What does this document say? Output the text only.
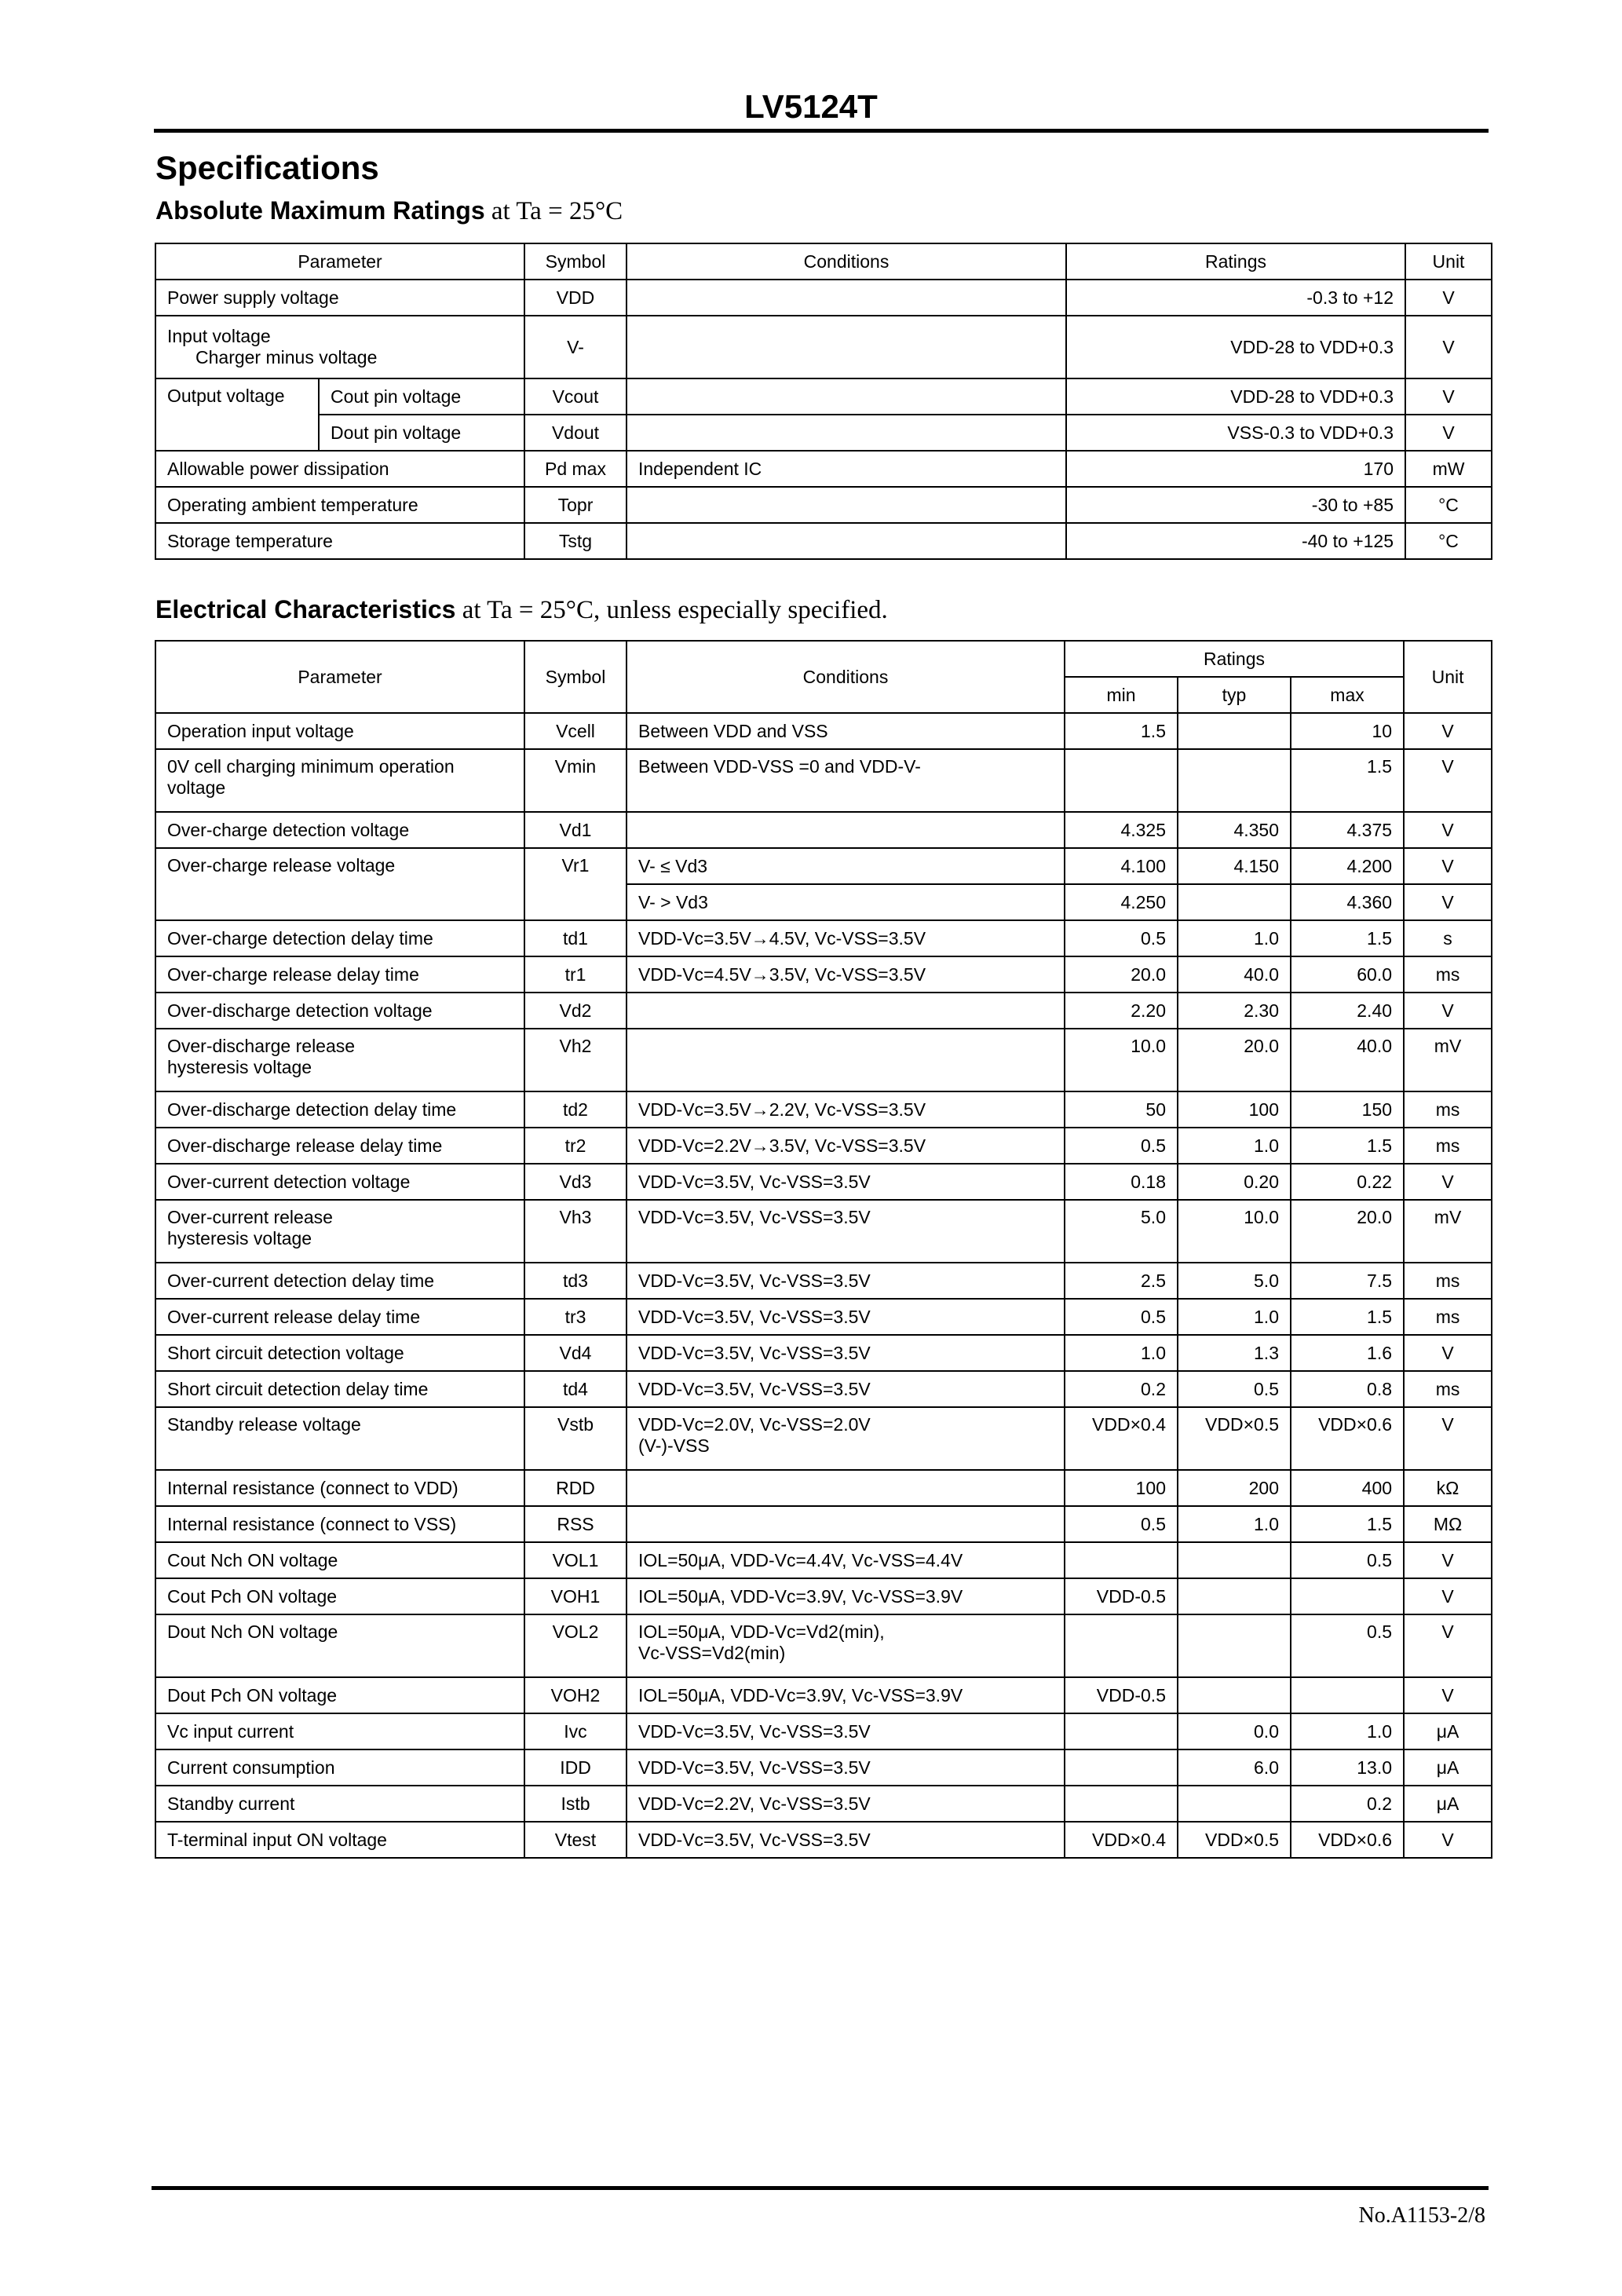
LV5124T
Specifications
Absolute Maximum Ratings at Ta = 25°C
Parameter		Symbol	Conditions	Ratings	Unit
Power supply voltage		VDD		-0.3 to +12	V

Input voltage
Charger minus voltage		V-		VDD-28 to VDD+0.3	V
Output voltage	Cout pin voltage	Vcout		VDD-28 to VDD+0.3	V
	Dout pin voltage	Vdout		VSS-0.3 to VDD+0.3	V
Allowable power dissipation		Pd max	Independent IC	170	mW
Operating ambient temperature		Topr		-30 to +85	°C
Storage temperature		Tstg		-40 to +125	°C
Electrical Characteristics at Ta = 25°C, unless especially specified.
Parameter	Symbol	Conditions	Ratings			Unit
			min	typ	max	
Operation input voltage	Vcell	Between VDD and VSS	1.5		10	V

0V cell charging minimum operation
voltage	Vmin	Between VDD-VSS =0 and VDD-V-			1.5	V
Over-charge detection voltage	Vd1		4.325	4.350	4.375	V
Over-charge release voltage	Vr1	V- ≤ Vd3	4.100	4.150	4.200	V
		V- > Vd3	4.250		4.360	V
Over-charge detection delay time	td1	VDD-Vc=3.5V→4.5V, Vc-VSS=3.5V	0.5	1.0	1.5	s
Over-charge release delay time	tr1	VDD-Vc=4.5V→3.5V, Vc-VSS=3.5V	20.0	40.0	60.0	ms
Over-discharge detection voltage	Vd2		2.20	2.30	2.40	V

Over-discharge release
hysteresis voltage	Vh2		10.0	20.0	40.0	mV
Over-discharge detection delay time	td2	VDD-Vc=3.5V→2.2V, Vc-VSS=3.5V	50	100	150	ms
Over-discharge release delay time	tr2	VDD-Vc=2.2V→3.5V, Vc-VSS=3.5V	0.5	1.0	1.5	ms
Over-current detection voltage	Vd3	VDD-Vc=3.5V, Vc-VSS=3.5V	0.18	0.20	0.22	V

Over-current release
hysteresis voltage	Vh3	VDD-Vc=3.5V, Vc-VSS=3.5V	5.0	10.0	20.0	mV
Over-current detection delay time	td3	VDD-Vc=3.5V, Vc-VSS=3.5V	2.5	5.0	7.5	ms
Over-current release delay time	tr3	VDD-Vc=3.5V, Vc-VSS=3.5V	0.5	1.0	1.5	ms
Short circuit detection voltage	Vd4	VDD-Vc=3.5V, Vc-VSS=3.5V	1.0	1.3	1.6	V
Short circuit detection delay time	td4	VDD-Vc=3.5V, Vc-VSS=3.5V	0.2	0.5	0.8	ms
Standby release voltage	Vstb	VDD-Vc=2.0V, Vc-VSS=2.0V
(V-)-VSS	VDD×0.4	VDD×0.5	VDD×0.6	V
Internal resistance (connect to VDD)	RDD		100	200	400	kΩ
Internal resistance (connect to VSS)	RSS		0.5	1.0	1.5	MΩ
Cout Nch ON voltage	VOL1	IOL=50μA, VDD-Vc=4.4V, Vc-VSS=4.4V			0.5	V
Cout Pch ON voltage	VOH1	IOL=50μA, VDD-Vc=3.9V, Vc-VSS=3.9V	VDD-0.5			V
Dout Nch ON voltage	VOL2	IOL=50μA, VDD-Vc=Vd2(min),
Vc-VSS=Vd2(min)			0.5	V
Dout Pch ON voltage	VOH2	IOL=50μA, VDD-Vc=3.9V, Vc-VSS=3.9V	VDD-0.5			V
Vc input current	Ivc	VDD-Vc=3.5V, Vc-VSS=3.5V		0.0	1.0	μA
Current consumption	IDD	VDD-Vc=3.5V, Vc-VSS=3.5V		6.0	13.0	μA
Standby current	Istb	VDD-Vc=2.2V, Vc-VSS=3.5V			0.2	μA
T-terminal input ON voltage	Vtest	VDD-Vc=3.5V, Vc-VSS=3.5V	VDD×0.4	VDD×0.5	VDD×0.6	V
No.A1153-2/8
